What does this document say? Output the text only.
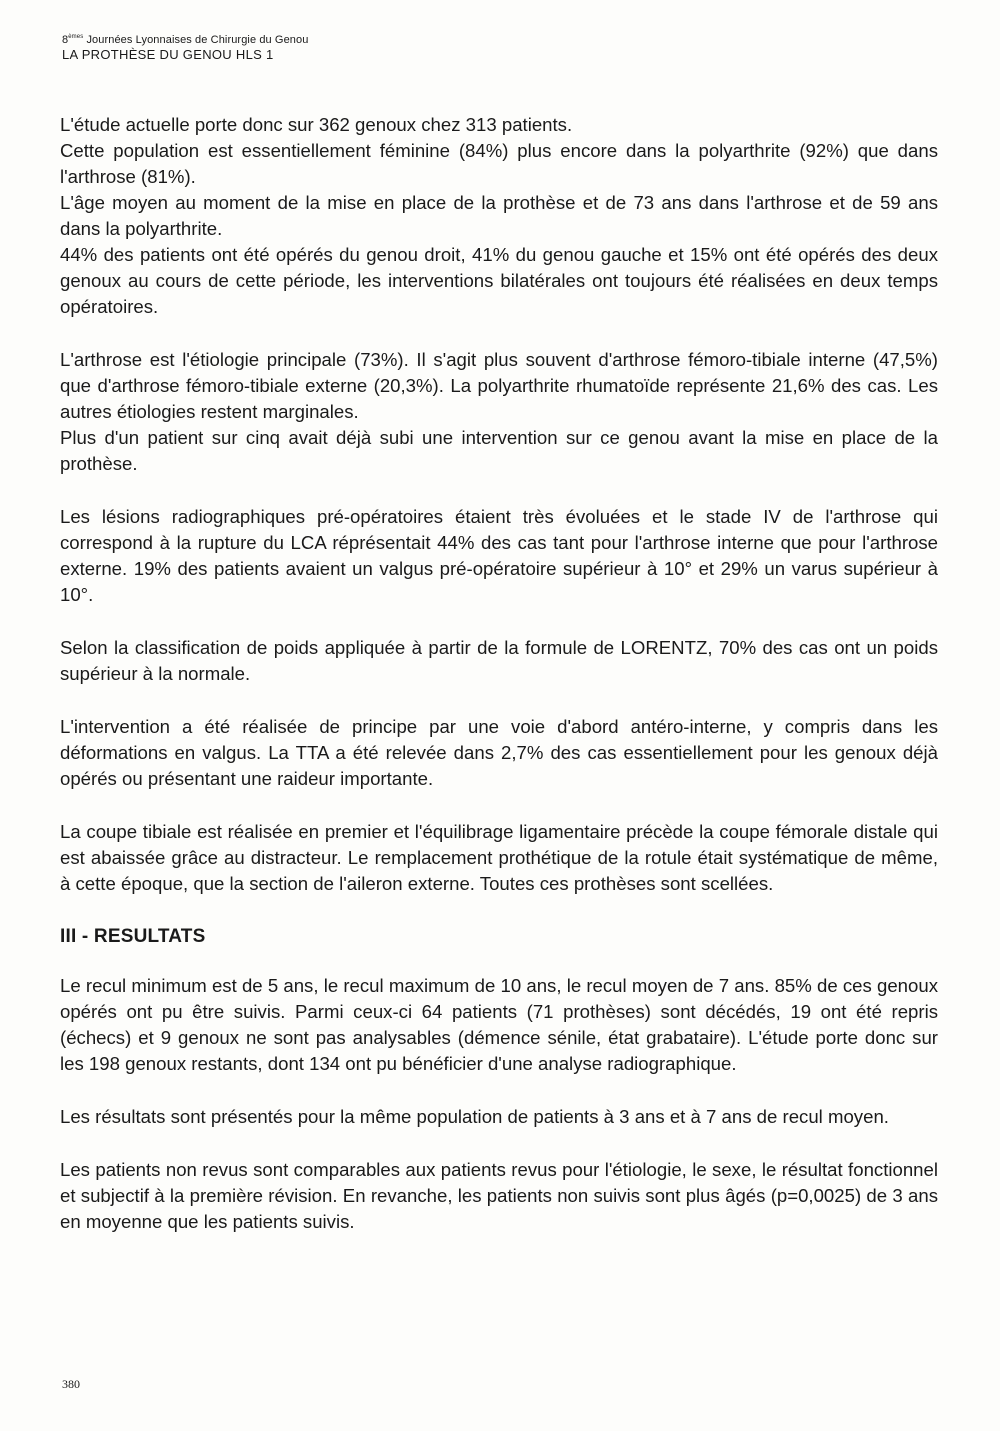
8èmes Journées Lyonnaises de Chirurgie du Genou
LA PROTHÈSE DU GENOU HLS 1

L'étude actuelle porte donc sur 362 genoux chez 313 patients.
Cette population est essentiellement féminine (84%) plus encore dans la polyarthrite (92%) que dans l'arthrose (81%).
L'âge moyen au moment de la mise en place de la prothèse et de 73 ans dans l'arthrose et de 59 ans dans la polyarthrite.
44% des patients ont été opérés du genou droit, 41% du genou gauche et 15% ont été opérés des deux genoux au cours de cette période, les interventions bilatérales ont toujours été réalisées en deux temps opératoires.

L'arthrose est l'étiologie principale (73%). Il s'agit plus souvent d'arthrose fémoro-tibiale interne (47,5%) que d'arthrose fémoro-tibiale externe (20,3%). La polyarthrite rhumatoïde représente 21,6% des cas. Les autres étiologies restent marginales.
Plus d'un patient sur cinq avait déjà subi une intervention sur ce genou avant la mise en place de la prothèse.

Les lésions radiographiques pré-opératoires étaient très évoluées et le stade IV de l'arthrose qui correspond à la rupture du LCA réprésentait 44% des cas tant pour l'arthrose interne que pour l'arthrose externe. 19% des patients avaient un valgus pré-opératoire supérieur à 10° et 29% un varus supérieur à 10°.

Selon la classification de poids appliquée à partir de la formule de LORENTZ, 70% des cas ont un poids supérieur à la normale.

L'intervention a été réalisée de principe par une voie d'abord antéro-interne, y compris dans les déformations en valgus. La TTA a été relevée dans 2,7% des cas essentiellement pour les genoux déjà opérés ou présentant une raideur importante.

La coupe tibiale est réalisée en premier et l'équilibrage ligamentaire précède la coupe fémorale distale qui est abaissée grâce au distracteur. Le remplacement prothétique de la rotule était systématique de même, à cette époque, que la section de l'aileron externe. Toutes ces prothèses sont scellées.

III - RESULTATS

Le recul minimum est de 5 ans, le recul maximum de 10 ans, le recul moyen de 7 ans. 85% de ces genoux opérés ont pu être suivis. Parmi ceux-ci 64 patients (71 prothèses) sont décédés, 19 ont été repris (échecs) et 9 genoux ne sont pas analysables (démence sénile, état grabataire). L'étude porte donc sur les 198 genoux restants, dont 134 ont pu bénéficier d'une analyse radiographique.

Les résultats sont présentés pour la même population de patients à 3 ans et à 7 ans de recul moyen.

Les patients non revus sont comparables aux patients revus pour l'étiologie, le sexe, le résultat fonctionnel et subjectif à la première révision. En revanche, les patients non suivis sont plus âgés (p=0,0025) de 3 ans en moyenne que les patients suivis.

380
